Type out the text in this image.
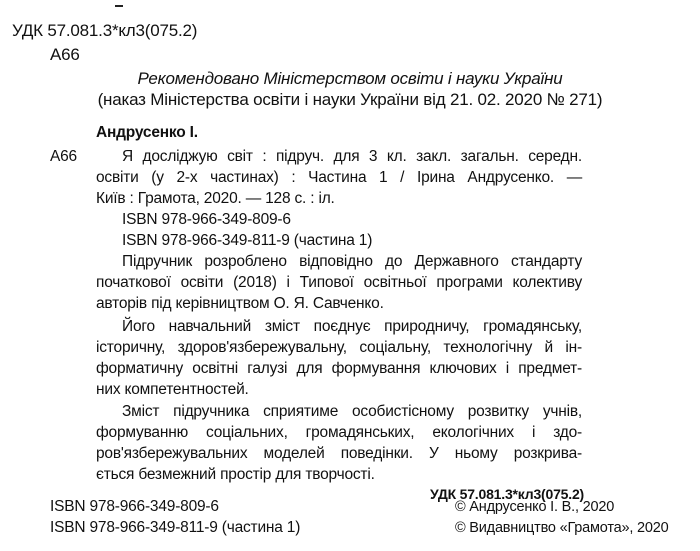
УДК 57.081.3*кл3(075.2)
А66
Рекомендовано Міністерством освіти і науки України
(наказ Міністерства освіти і науки України від 21. 02. 2020 № 271)
Андрусенко І.
А66	Я досліджую світ : підруч. для 3 кл. закл. загальн. середн.
освіти (у 2-х частинах) : Частина 1 / Ірина Андрусенко. —
Київ : Грамота, 2020. — 128 с. : іл.
ISBN 978-966-349-809-6
ISBN 978-966-349-811-9 (частина 1)
Підручник розроблено відповідно до Державного стандарту
початкової освіти (2018) і Типової освітньої програми колективу
авторів під керівництвом О. Я. Савченко.
Його навчальний зміст поєднує природничу, громадянську,
історичну, здоров'язбережувальну, соціальну, технологічну й ін-
форматичну освітні галузі для формування ключових і предмет-
них компетентностей.
Зміст підручника сприятиме особистісному розвитку учнів,
формуванню соціальних, громадянських, екологічних і здо-
ров'язбережувальних моделей поведінки. У ньому розкрива-
ється безмежний простір для творчості.
УДК 57.081.3*кл3(075.2)
ISBN 978-966-349-809-6
ISBN 978-966-349-811-9 (частина 1)
© Андрусенко І. В., 2020
© Видавництво «Грамота», 2020
